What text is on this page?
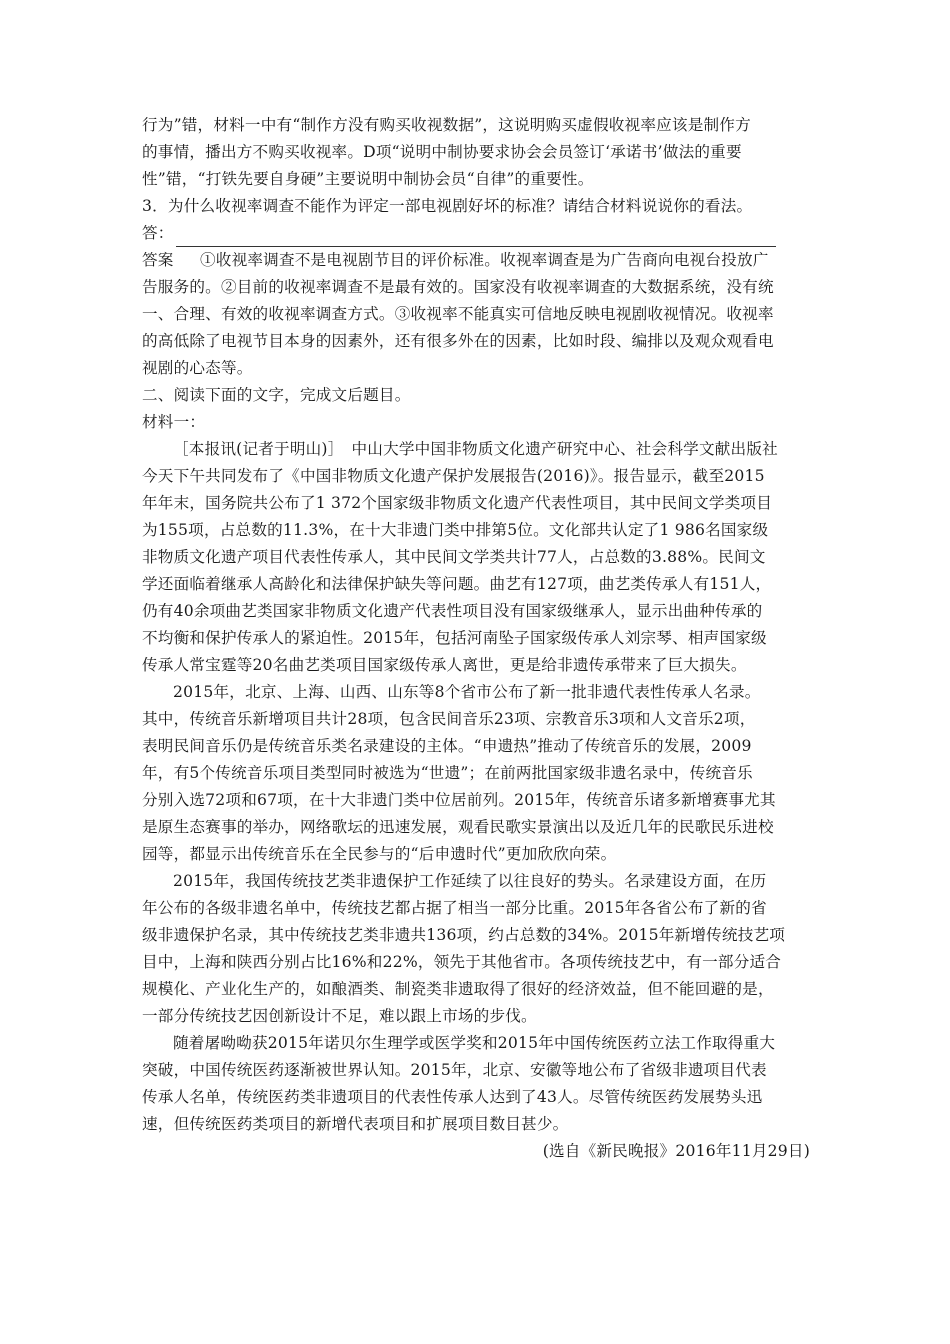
行为”错，材料一中有“制作方没有购买收视数据”，这说明购买虚假收视率应该是制作方
的事情，播出方不购买收视率。D项“说明中制协要求协会会员签订‘承诺书’做法的重要
性”错，“打铁先要自身硬”主要说明中制协会员“自律”的重要性。
3．为什么收视率调查不能作为评定一部电视剧好坏的标准？请结合材料说说你的看法。
答：
答案 ①收视率调查不是电视剧节目的评价标准。收视率调查是为广告商向电视台投放广
告服务的。②目前的收视率调查不是最有效的。国家没有收视率调查的大数据系统，没有统
一、合理、有效的收视率调查方式。③收视率不能真实可信地反映电视剧收视情况。收视率
的高低除了电视节目本身的因素外，还有很多外在的因素，比如时段、编排以及观众观看电
视剧的心态等。
二、阅读下面的文字，完成文后题目。
材料一：
［本报讯(记者于明山)］　中山大学中国非物质文化遗产研究中心、社会科学文献出版社
今天下午共同发布了《中国非物质文化遗产保护发展报告(2016)》。报告显示，截至2015
年年末，国务院共公布了1 372个国家级非物质文化遗产代表性项目，其中民间文学类项目
为155项，占总数的11.3%，在十大非遗门类中排第5位。文化部共认定了1 986名国家级
非物质文化遗产项目代表性传承人，其中民间文学类共计77人，占总数的3.88%。民间文
学还面临着继承人高龄化和法律保护缺失等问题。曲艺有127项，曲艺类传承人有151人，
仍有40余项曲艺类国家非物质文化遗产代表性项目没有国家级继承人，显示出曲种传承的
不均衡和保护传承人的紧迫性。2015年，包括河南坠子国家级传承人刘宗琴、相声国家级
传承人常宝霆等20名曲艺类项目国家级传承人离世，更是给非遗传承带来了巨大损失。
2015年，北京、上海、山西、山东等8个省市公布了新一批非遗代表性传承人名录。
其中，传统音乐新增项目共计28项，包含民间音乐23项、宗教音乐3项和人文音乐2项，
表明民间音乐仍是传统音乐类名录建设的主体。“申遗热”推动了传统音乐的发展，2009
年，有5个传统音乐项目类型同时被选为“世遗”；在前两批国家级非遗名录中，传统音乐
分别入选72项和67项，在十大非遗门类中位居前列。2015年，传统音乐诸多新增赛事尤其
是原生态赛事的举办，网络歌坛的迅速发展，观看民歌实景演出以及近几年的民歌民乐进校
园等，都显示出传统音乐在全民参与的“后申遗时代”更加欣欣向荣。
2015年，我国传统技艺类非遗保护工作延续了以往良好的势头。名录建设方面，在历
年公布的各级非遗名单中，传统技艺都占据了相当一部分比重。2015年各省公布了新的省
级非遗保护名录，其中传统技艺类非遗共136项，约占总数的34%。2015年新增传统技艺项
目中，上海和陕西分别占比16%和22%，领先于其他省市。各项传统技艺中，有一部分适合
规模化、产业化生产的，如酿酒类、制瓷类非遗取得了很好的经济效益，但不能回避的是，
一部分传统技艺因创新设计不足，难以跟上市场的步伐。
随着屠呦呦获2015年诺贝尔生理学或医学奖和2015年中国传统医药立法工作取得重大
突破，中国传统医药逐渐被世界认知。2015年，北京、安徽等地公布了省级非遗项目代表
传承人名单，传统医药类非遗项目的代表性传承人达到了43人。尽管传统医药发展势头迅
速，但传统医药类项目的新增代表项目和扩展项目数目甚少。
(选自《新民晚报》2016年11月29日)
